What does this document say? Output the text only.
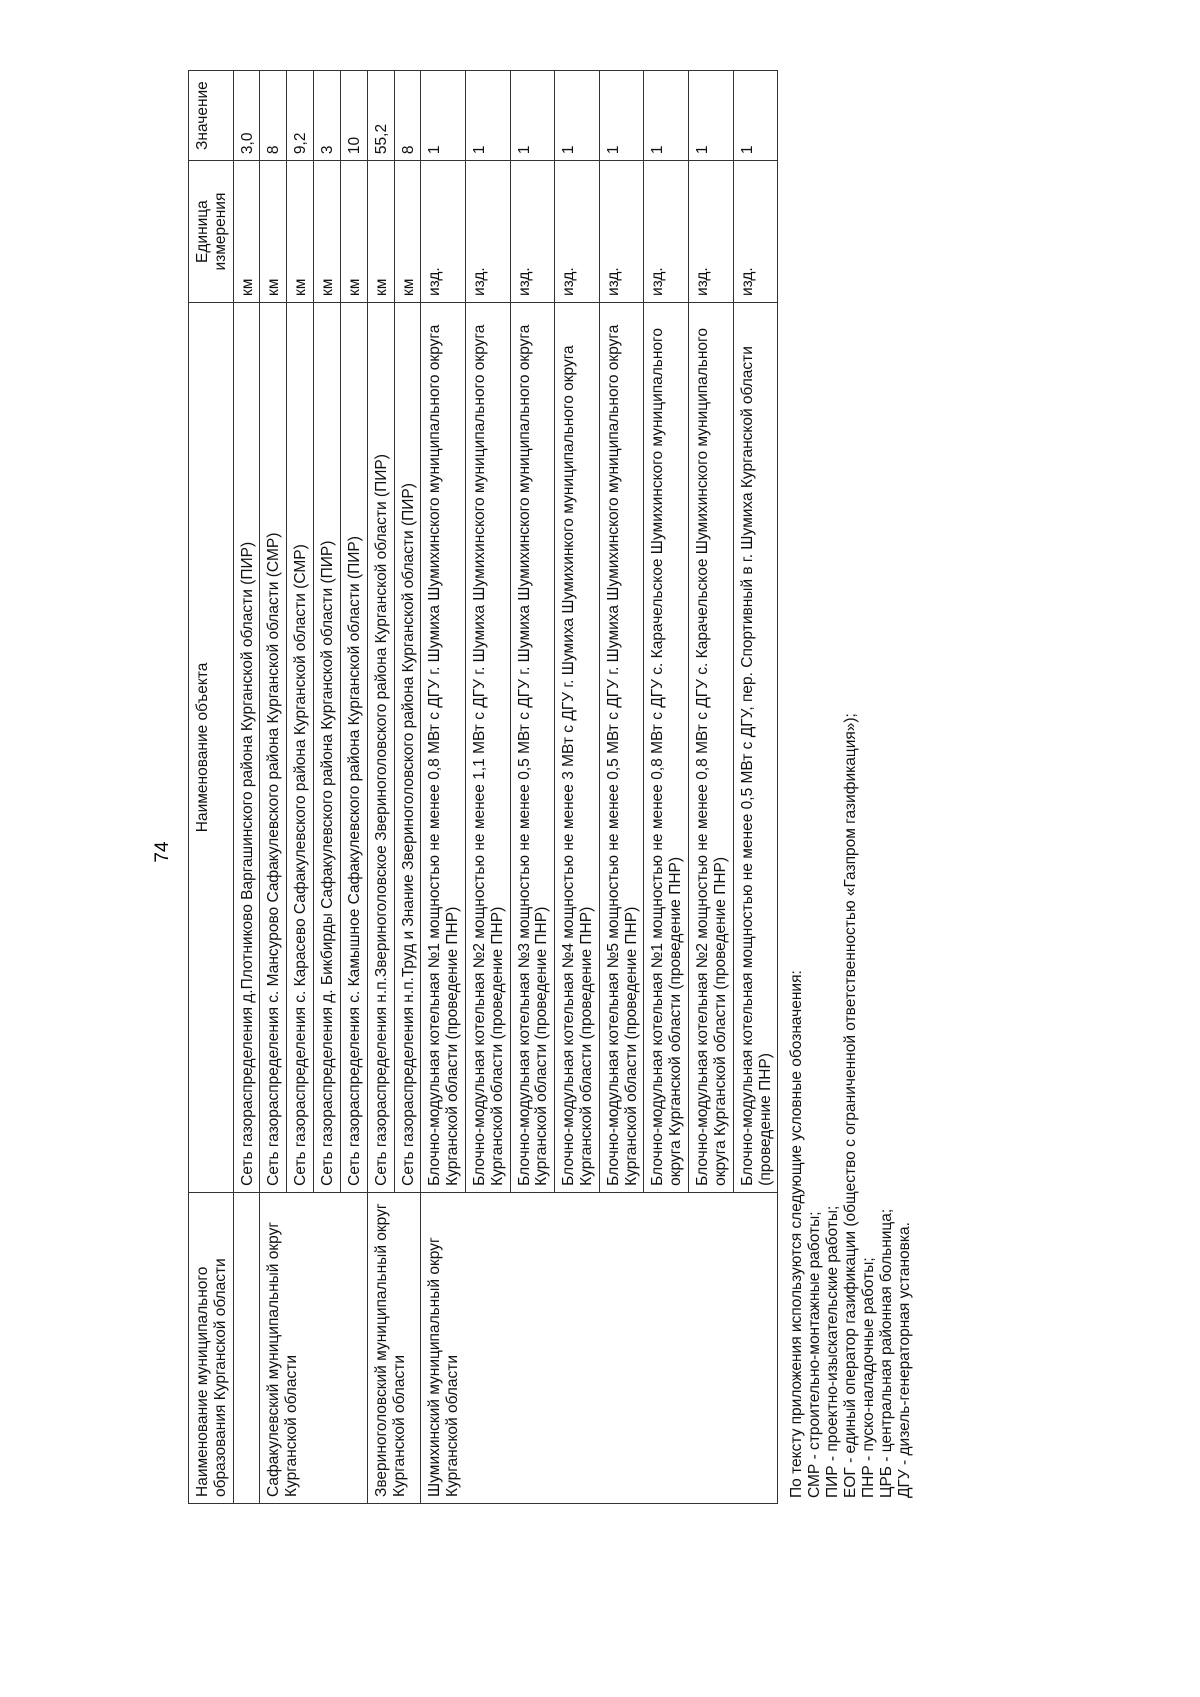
74
Наименование муниципального образования Курганской области	Наименование объекта	Единица измерения	Значение
	Сеть газораспределения д.Плотниково Варгашинского района Курганской области (ПИР)	км	3,0
Сафакулевский муниципальный округ Курганской области	Сеть газораспределения с. Мансурово Сафакулевского района Курганской области (СМР)	км	8
	Сеть газораспределения с. Карасево Сафакулевского района Курганской области (СМР)	км	9,2
	Сеть газораспределения д. Бикбирды Сафакулевского района Курганской области (ПИР)	км	3
	Сеть газораспределения с. Камышное Сафакулевского района Курганской области (ПИР)	км	10
Звериноголовский муниципальный округ Курганской области	Сеть газораспределения н.п.Звериноголовское Звериноголовского района Курганской области (ПИР)	км	55,2
	Сеть газораспределения н.п.Труд и Знание Звериноголовского района Курганской области (ПИР)	км	8
Шумихинский муниципальный округ Курганской области	Блочно-модульная котельная №1 мощностью не менее 0,8 МВт с ДГУ г. Шумиха Шумихинского муниципального округа Курганской области (проведение ПНР)	изд.	1
	Блочно-модульная котельная №2 мощностью не менее 1,1 МВт с ДГУ г. Шумиха Шумихинского муниципального округа Курганской области (проведение ПНР)	изд.	1
	Блочно-модульная котельная №3 мощностью не менее 0,5 МВт с ДГУ г. Шумиха Шумихинского муниципального округа Курганской области (проведение ПНР)	изд.	1
	Блочно-модульная котельная №4 мощностью не менее 3 МВт с ДГУ г. Шумиха Шумихинкого муниципального округа Курганской области (проведение ПНР)	изд.	1
	Блочно-модульная котельная №5 мощностью не менее 0,5 МВт с ДГУ г. Шумиха Шумихинского муниципального округа Курганской области (проведение ПНР)	изд.	1
	Блочно-модульная котельная №1 мощностью не менее 0,8 МВт с ДГУ с. Карачельское Шумихинского муниципального округа Курганской области (проведение ПНР)	изд.	1
	Блочно-модульная котельная №2 мощностью не менее 0,8 МВт с ДГУ с. Карачельское Шумихинского муниципального округа Курганской области (проведение ПНР)	изд.	1
	Блочно-модульная котельная мощностью не менее 0,5 МВт с ДГУ, пер. Спортивный в г. Шумиха Курганской области (проведение ПНР)	изд.	1
По тексту приложения используются следующие условные обозначения: СМР - строительно-монтажные работы; ПИР - проектно-изыскательские работы; ЕОГ - единый оператор газификации (общество с ограниченной ответственностью «Газпром газификация»); ПНР - пуско-наладочные работы; ЦРБ - центральная районная больница; ДГУ - дизель-генераторная установка.
